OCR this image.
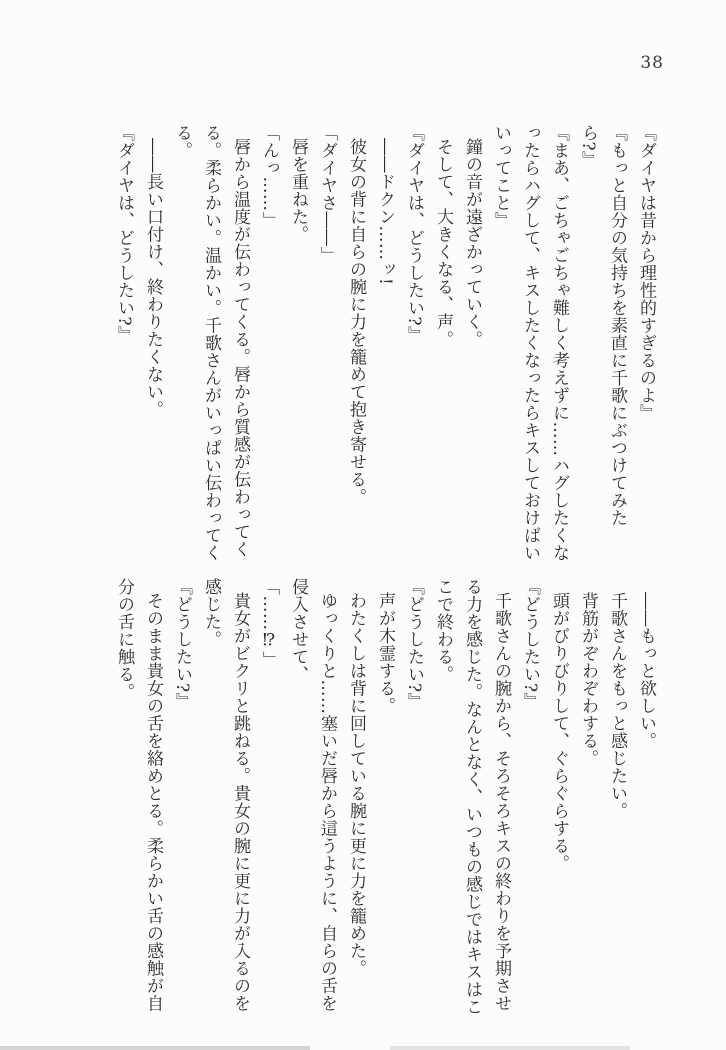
38
『ダイヤは昔から理性的すぎるのよ』
『もっと自分の気持ちを素直に千歌にぶつけてみた
ら?』
『まあ、ごちゃごちゃ難しく考えずに……ハグしたくな
ったらハグして、キスしたくなったらキスしておけばい
いってこと』
鐘の音が遠ざかっていく。
そして、大きくなる、声。
『ダイヤは、どうしたい?』
――ドクン……ッ!
彼女の背に自らの腕に力を籠めて抱き寄せる。
「ダイヤさ――」
唇を重ねた。
「んっ……」
唇から温度が伝わってくる。唇から質感が伝わってく
る。柔らかい。温かい。千歌さんがいっぱい伝わってく
る。
――長い口付け、終わりたくない。
『ダイヤは、どうしたい?』
――もっと欲しい。
千歌さんをもっと感じたい。
背筋がぞわぞわする。
頭がびりびりして、ぐらぐらする。
『どうしたい?』
千歌さんの腕から、そろそろキスの終わりを予期させ
る力を感じた。なんとなく、いつもの感じではキスはこ
こで終わる。
『どうしたい?』
声が木霊する。
わたくしは背に回している腕に更に力を籠めた。
ゆっくりと……塞いだ唇から這うように、自らの舌を
侵入させて、
「……⁉」
貴女がビクリと跳ねる。貴女の腕に更に力が入るのを
感じた。
『どうしたい?』
そのまま貴女の舌を絡めとる。柔らかい舌の感触が自
分の舌に触る。
